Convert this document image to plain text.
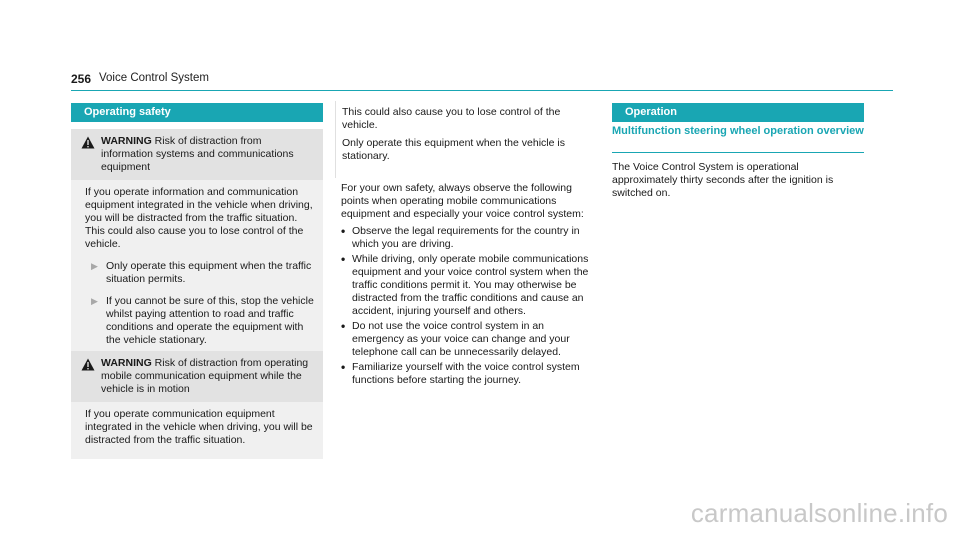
256 Voice Control System
Operating safety
WARNING Risk of distraction from information systems and communications equipment
If you operate information and communication equipment integrated in the vehicle when driving, you will be distracted from the traffic situation. This could also cause you to lose control of the vehicle.
▶ Only operate this equipment when the traffic situation permits.
▶ If you cannot be sure of this, stop the vehicle whilst paying attention to road and traffic conditions and operate the equipment with the vehicle stationary.
WARNING Risk of distraction from operating mobile communication equipment while the vehicle is in motion
If you operate communication equipment integrated in the vehicle when driving, you will be distracted from the traffic situation.
This could also cause you to lose control of the vehicle.
Only operate this equipment when the vehicle is stationary.
For your own safety, always observe the following points when operating mobile communications equipment and especially your voice control system:
• Observe the legal requirements for the country in which you are driving.
• While driving, only operate mobile communications equipment and your voice control system when the traffic conditions permit it. You may otherwise be distracted from the traffic conditions and cause an accident, injuring yourself and others.
• Do not use the voice control system in an emergency as your voice can change and your telephone call can be unnecessarily delayed.
• Familiarize yourself with the voice control system functions before starting the journey.
Operation
Multifunction steering wheel operation overview
The Voice Control System is operational approximately thirty seconds after the ignition is switched on.
carmanualsonline.info
